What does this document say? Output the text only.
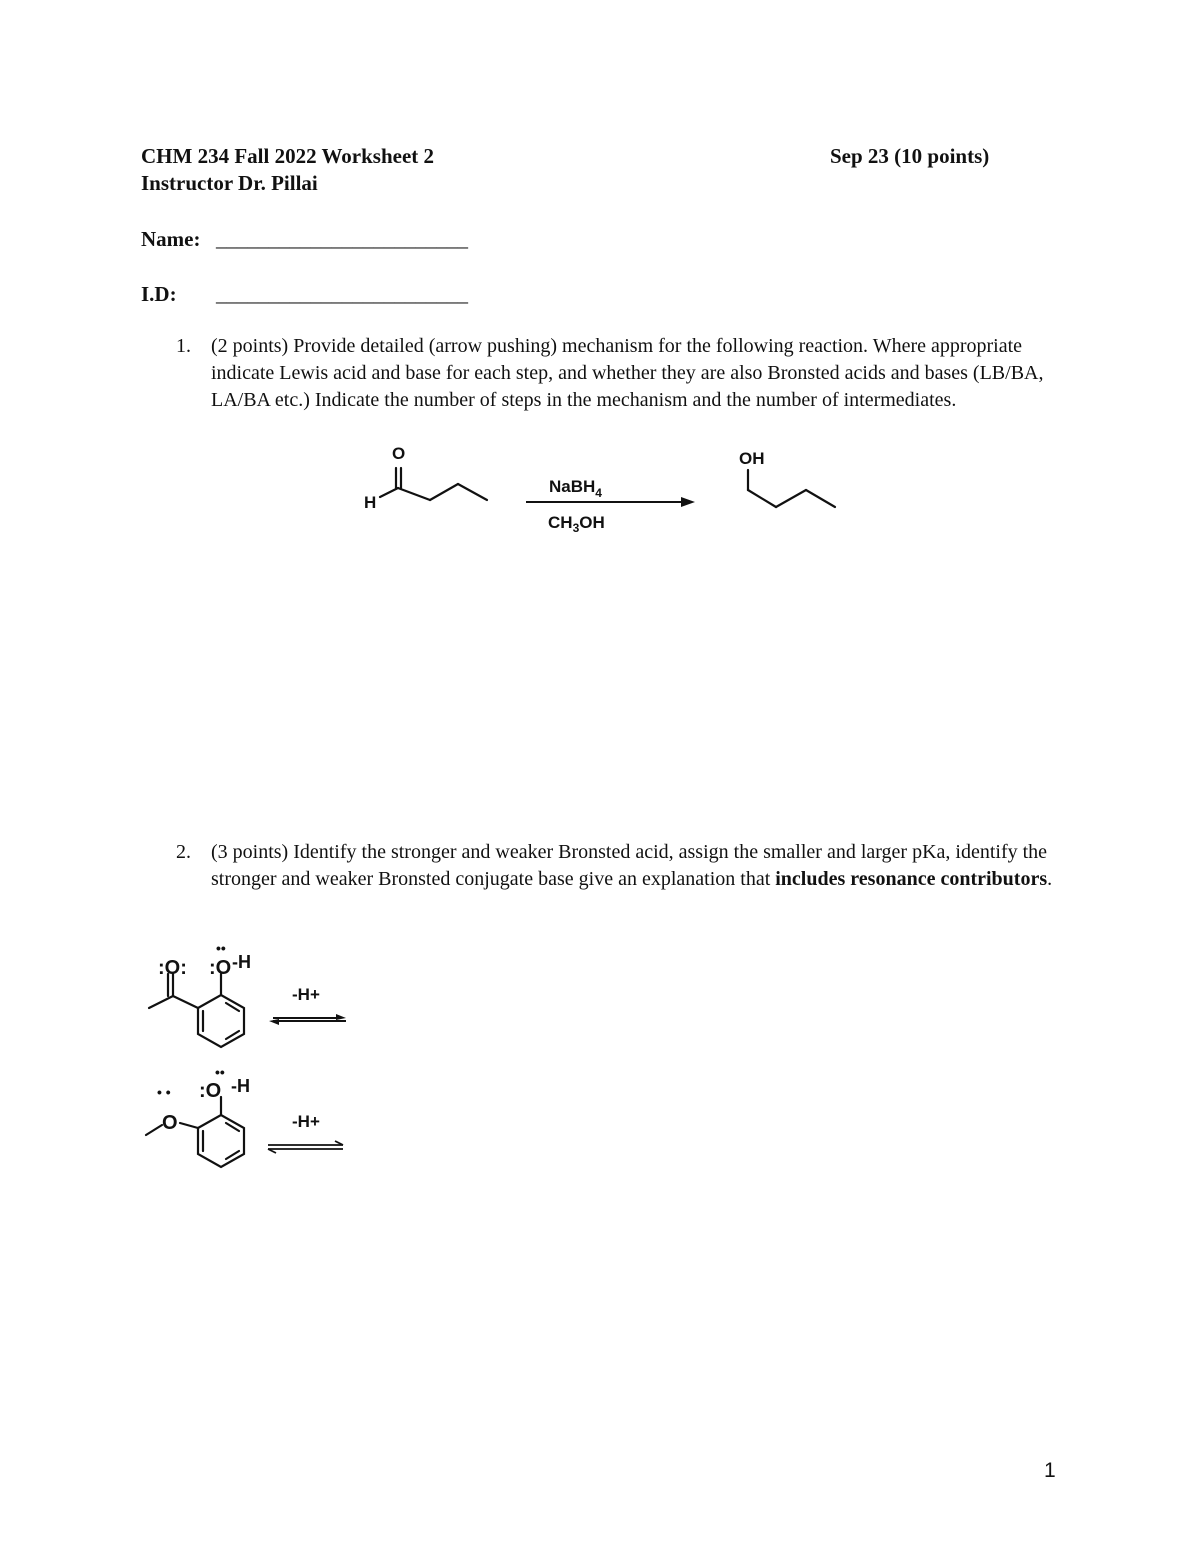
CHM 234 Fall 2022 Worksheet 2	Sep 23 (10 points)
Instructor Dr. Pillai
Name: ________________________
I.D: ________________________
1. (2 points) Provide detailed (arrow pushing) mechanism for the following reaction. Where appropriate indicate Lewis acid and base for each step, and whether they are also Bronsted acids and bases (LB/BA, LA/BA etc.) Indicate the number of steps in the mechanism and the number of intermediates.
O
H
NaBH$_4$
$CH_3OH$
OH
2. (3 points) Identify the stronger and weaker Bronsted acid, assign the smaller and larger pKa, identify the stronger and weaker Bronsted conjugate base give an explanation that includes resonance contributors.
:O: :O
••
-H
-H+
• •
O
:O
••
-H
-H+
1
